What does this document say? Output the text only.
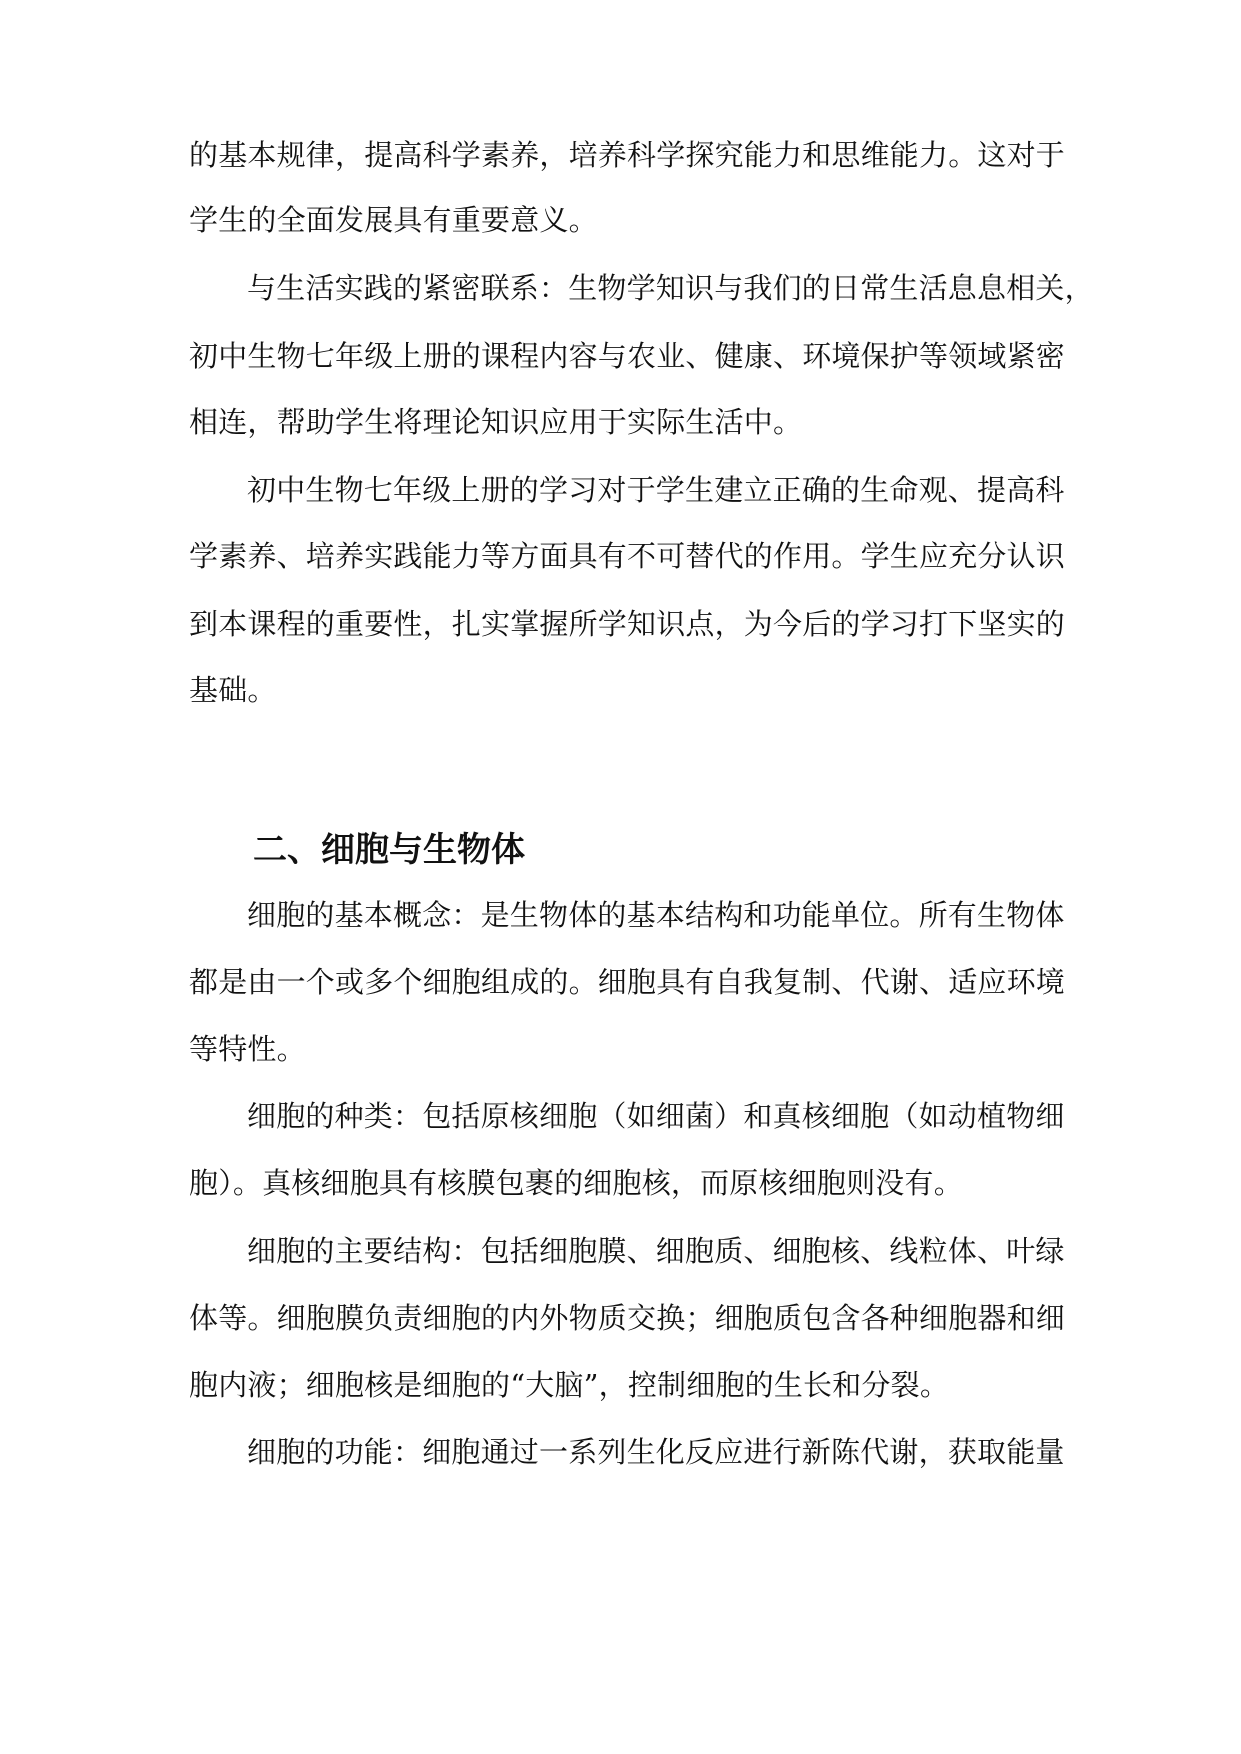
的基本规律，提高科学素养，培养科学探究能力和思维能力。这对于
学生的全面发展具有重要意义。
与生活实践的紧密联系：生物学知识与我们的日常生活息息相关，
初中生物七年级上册的课程内容与农业、健康、环境保护等领域紧密
相连，帮助学生将理论知识应用于实际生活中。
初中生物七年级上册的学习对于学生建立正确的生命观、提高科
学素养、培养实践能力等方面具有不可替代的作用。学生应充分认识
到本课程的重要性，扎实掌握所学知识点，为今后的学习打下坚实的
基础。
二、细胞与生物体
细胞的基本概念：是生物体的基本结构和功能单位。所有生物体
都是由一个或多个细胞组成的。细胞具有自我复制、代谢、适应环境
等特性。
细胞的种类：包括原核细胞（如细菌）和真核细胞（如动植物细
胞）。真核细胞具有核膜包裹的细胞核，而原核细胞则没有。
细胞的主要结构：包括细胞膜、细胞质、细胞核、线粒体、叶绿
体等。细胞膜负责细胞的内外物质交换；细胞质包含各种细胞器和细
胞内液；细胞核是细胞的“大脑”，控制细胞的生长和分裂。
细胞的功能：细胞通过一系列生化反应进行新陈代谢，获取能量
